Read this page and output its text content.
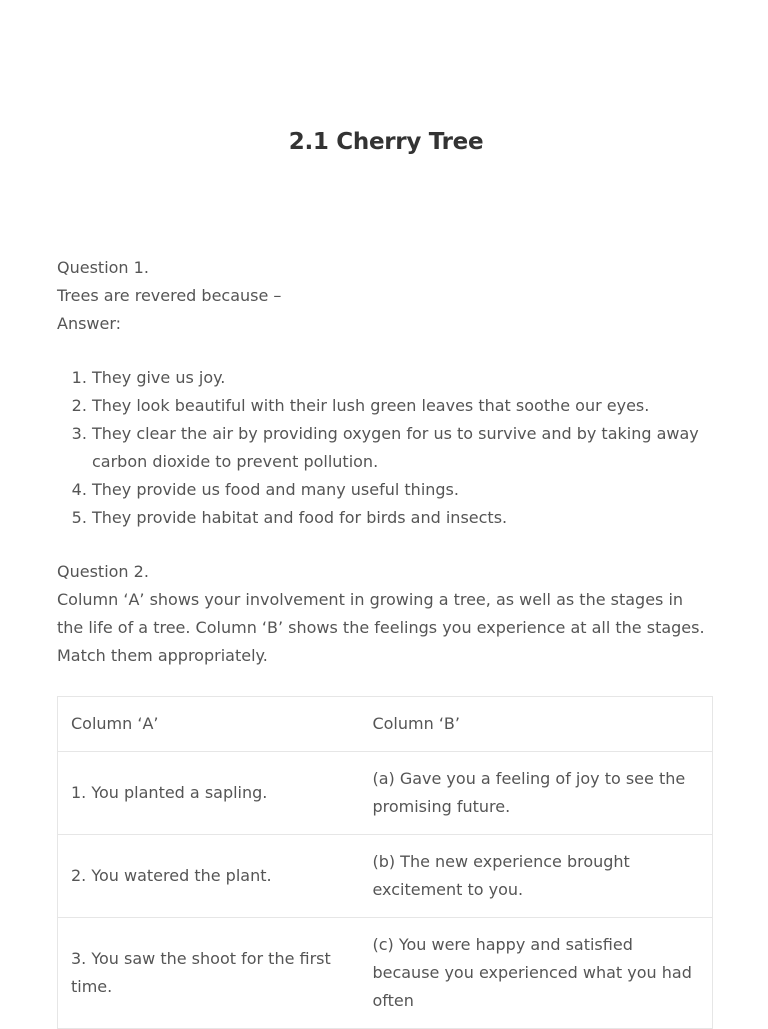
2.1 Cherry Tree
Question 1.
Trees are revered because –
Answer:
1. They give us joy.
2. They look beautiful with their lush green leaves that soothe our eyes.
3. They clear the air by providing oxygen for us to survive and by taking away carbon dioxide to prevent pollution.
4. They provide us food and many useful things.
5. They provide habitat and food for birds and insects.
Question 2.
Column ‘A’ shows your involvement in growing a tree, as well as the stages in the life of a tree. Column ‘B’ shows the feelings you experience at all the stages. Match them appropriately.
Column ‘A’	Column ‘B’
1. You planted a sapling.	(a) Gave you a feeling of joy to see the promising future.
2. You watered the plant.	(b) The new experience brought excitement to you.
3. You saw the shoot for the first time.	(c) You were happy and satisfied because you experienced what you had often
